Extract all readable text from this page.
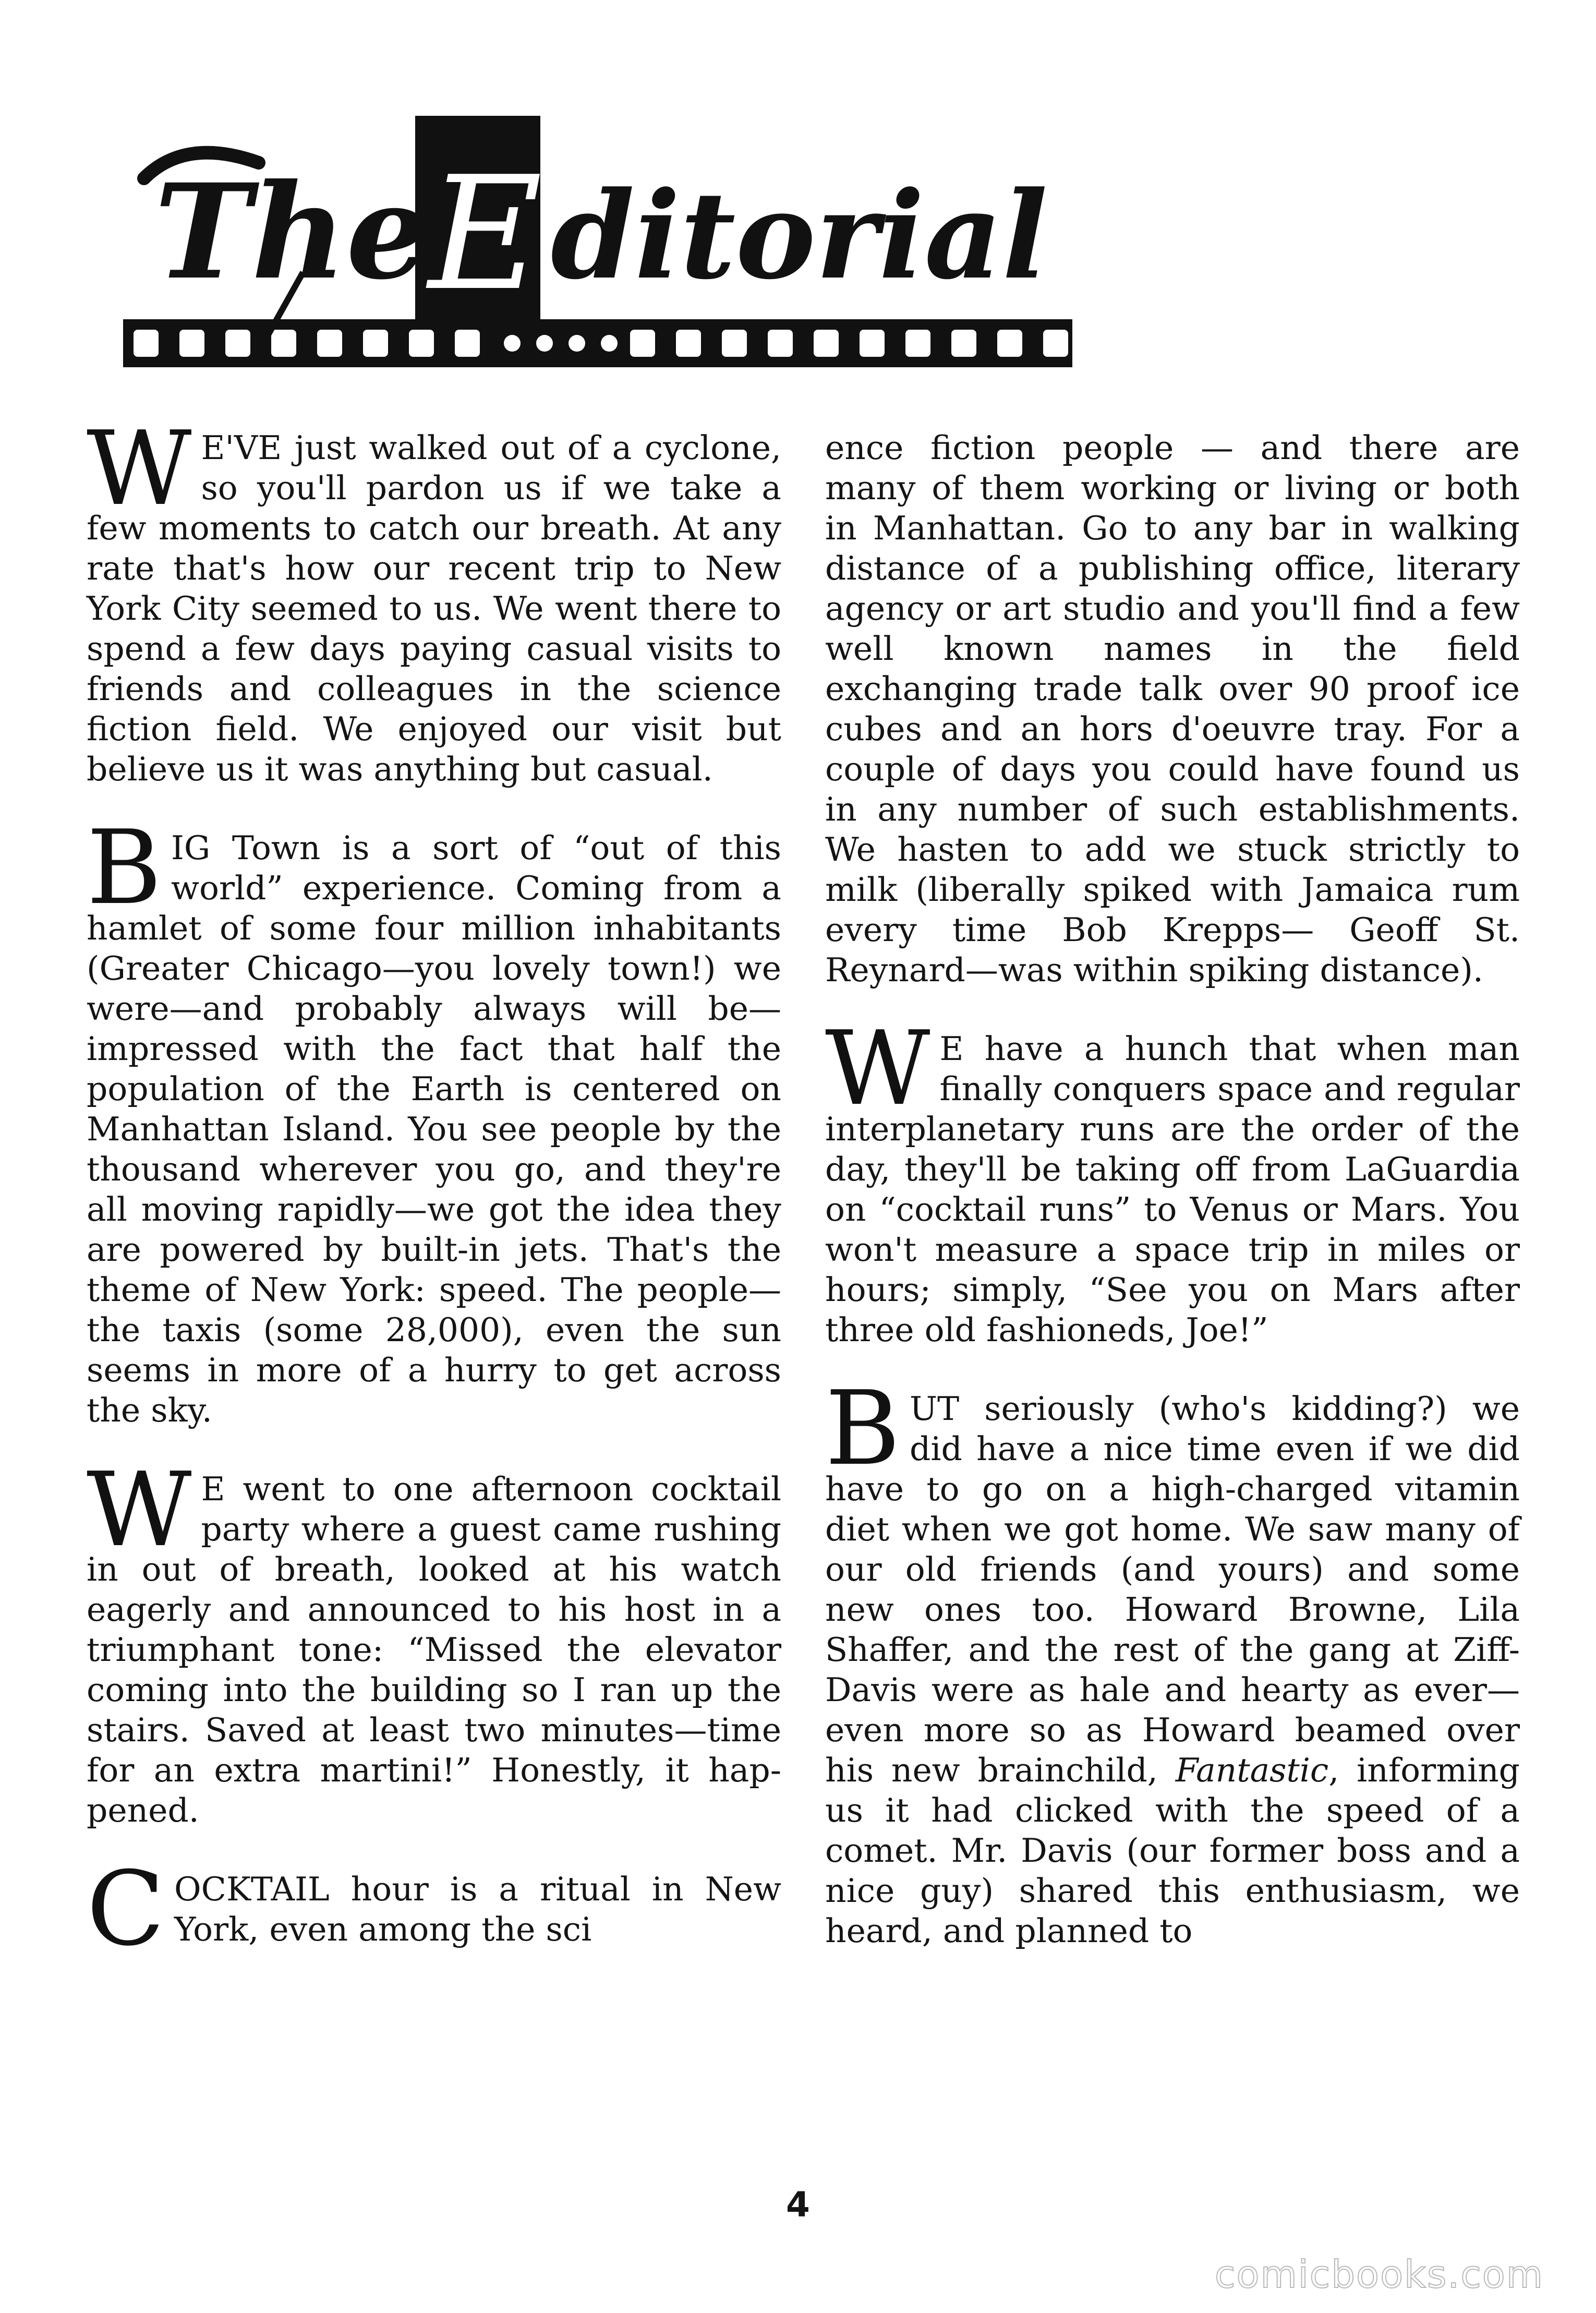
The
E ditorial

W E'VE just walked out of a cyclone, so you'll pardon us if we take a few moments to catch our breath. At any rate that's how our recent trip to New York City seemed to us. We went there to spend a few days paying casual visits to friends and colleagues in the science fiction field. We enjoyed our visit but believe us it was anything but casual.

BIG Town is a sort of “out of this world” experience. Coming from a hamlet of some four million inhabitants (Greater Chicago—you lovely town!) we were—and probably always will be—impressed with the fact that half the population of the Earth is centered on Manhattan Island. You see people by the thousand wherever you go, and they're all moving rapidly—we got the idea they are powered by built-in jets. That's the theme of New York: speed. The people—the taxis (some 28,000), even the sun seems in more of a hurry to get across the sky.

W E went to one afternoon cocktail party where a guest came rushing in out of breath, looked at his watch eagerly and announced to his host in a triumphant tone: “Missed the elevator coming into the building so I ran up the stairs. Saved at least two minutes—time for an extra martini!” Honestly, it happened.

COCKTAIL hour is a ritual in New York, even among the sci

ence fiction people — and there are many of them working or living or both in Manhattan. Go to any bar in walking distance of a publishing office, literary agency or art studio and you'll find a few well known names in the field exchanging trade talk over 90 proof ice cubes and an hors d'oeuvre tray. For a couple of days you could have found us in any number of such establishments. We hasten to add we stuck strictly to milk (liberally spiked with Jamaica rum every time Bob Krepps— Geoff St. Reynard—was within spiking distance).

W E have a hunch that when man finally conquers space and regular interplanetary runs are the order of the day, they'll be taking off from LaGuardia on “cocktail runs” to Venus or Mars. You won't measure a space trip in miles or hours; simply, “See you on Mars after three old fashioneds, Joe!”

BUT seriously (who's kidding?) we did have a nice time even if we did have to go on a high-charged vitamin diet when we got home. We saw many of our old friends (and yours) and some new ones too. Howard Browne, Lila Shaffer, and the rest of the gang at Ziff-Davis were as hale and hearty as ever—even more so as Howard beamed over his new brainchild, Fantastic, informing us it had clicked with the speed of a comet. Mr. Davis (our former boss and a nice guy) shared this enthusiasm, we heard, and planned to

4
comicbooks.com
